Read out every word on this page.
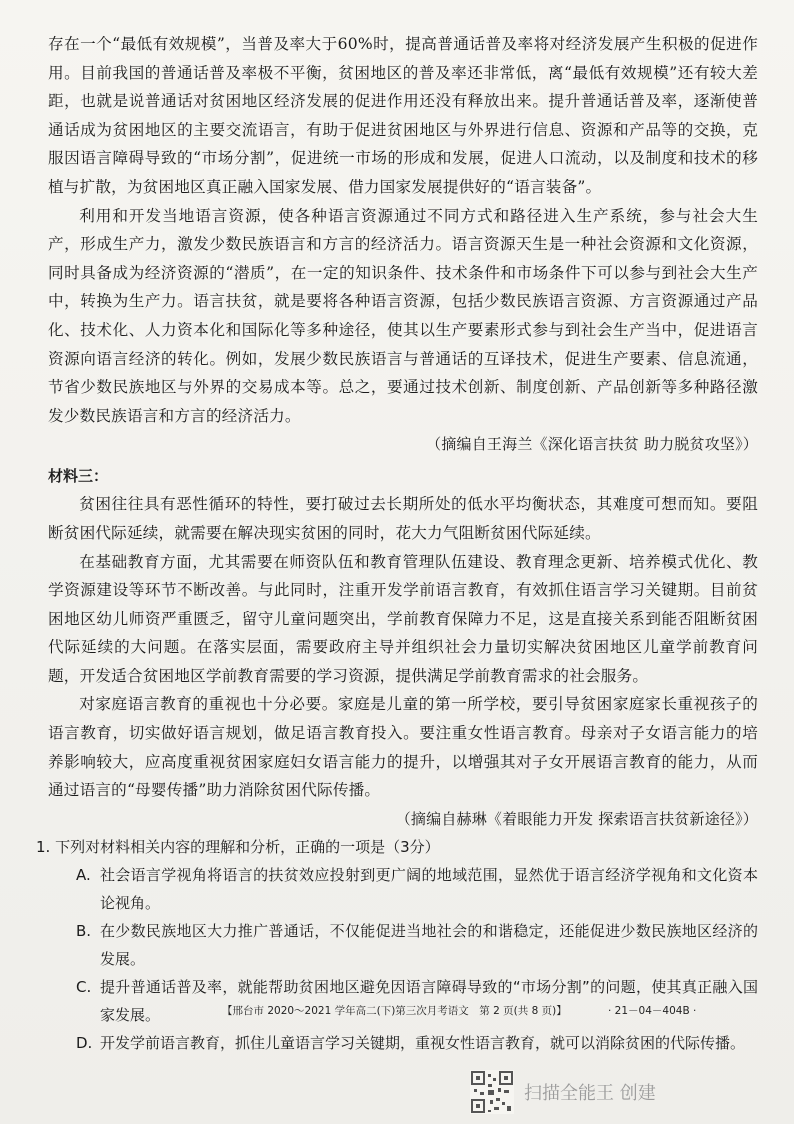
存在一个“最低有效规模”，当普及率大于60%时，提高普通话普及率将对经济发展产生积极的促进作用。目前我国的普通话普及率极不平衡，贫困地区的普及率还非常低，离“最低有效规模”还有较大差距，也就是说普通话对贫困地区经济发展的促进作用还没有释放出来。提升普通话普及率，逐渐使普通话成为贫困地区的主要交流语言，有助于促进贫困地区与外界进行信息、资源和产品等的交换，克服因语言障碍导致的“市场分割”，促进统一市场的形成和发展，促进人口流动，以及制度和技术的移植与扩散，为贫困地区真正融入国家发展、借力国家发展提供好的“语言装备”。

利用和开发当地语言资源，使各种语言资源通过不同方式和路径进入生产系统，参与社会大生产，形成生产力，激发少数民族语言和方言的经济活力。语言资源天生是一种社会资源和文化资源，同时具备成为经济资源的“潜质”，在一定的知识条件、技术条件和市场条件下可以参与到社会大生产中，转换为生产力。语言扶贫，就是要将各种语言资源，包括少数民族语言资源、方言资源通过产品化、技术化、人力资本化和国际化等多种途径，使其以生产要素形式参与到社会生产当中，促进语言资源向语言经济的转化。例如，发展少数民族语言与普通话的互译技术，促进生产要素、信息流通，节省少数民族地区与外界的交易成本等。总之，要通过技术创新、制度创新、产品创新等多种路径激发少数民族语言和方言的经济活力。

（摘编自王海兰《深化语言扶贫 助力脱贫攻坚》）

材料三：

贫困往往具有恶性循环的特性，要打破过去长期所处的低水平均衡状态，其难度可想而知。要阻断贫困代际延续，就需要在解决现实贫困的同时，花大力气阻断贫困代际延续。

在基础教育方面，尤其需要在师资队伍和教育管理队伍建设、教育理念更新、培养模式优化、教学资源建设等环节不断改善。与此同时，注重开发学前语言教育，有效抓住语言学习关键期。目前贫困地区幼儿师资严重匮乏，留守儿童问题突出，学前教育保障力不足，这是直接关系到能否阻断贫困代际延续的大问题。在落实层面，需要政府主导并组织社会力量切实解决贫困地区儿童学前教育问题，开发适合贫困地区学前教育需要的学习资源，提供满足学前教育需求的社会服务。

对家庭语言教育的重视也十分必要。家庭是儿童的第一所学校，要引导贫困家庭家长重视孩子的语言教育，切实做好语言规划，做足语言教育投入。要注重女性语言教育。母亲对子女语言能力的培养影响较大，应高度重视贫困家庭妇女语言能力的提升，以增强其对子女开展语言教育的能力，从而通过语言的“母婴传播”助力消除贫困代际传播。

（摘编自赫琳《着眼能力开发 探索语言扶贫新途径》）

1. 下列对材料相关内容的理解和分析，正确的一项是（3分）
A. 社会语言学视角将语言的扶贫效应投射到更广阔的地域范围，显然优于语言经济学视角和文化资本论视角。
B. 在少数民族地区大力推广普通话，不仅能促进当地社会的和谐稳定，还能促进少数民族地区经济的发展。
C. 提升普通话普及率，就能帮助贫困地区避免因语言障碍导致的“市场分割”的问题，使其真正融入国家发展。
D. 开发学前语言教育，抓住儿童语言学习关键期，重视女性语言教育，就可以消除贫困的代际传播。
【邢台市 2020～2021 学年高二(下)第三次月考语文　第 2 页(共 8 页)】	· 21－04－404B ·
扫描全能王 创建
